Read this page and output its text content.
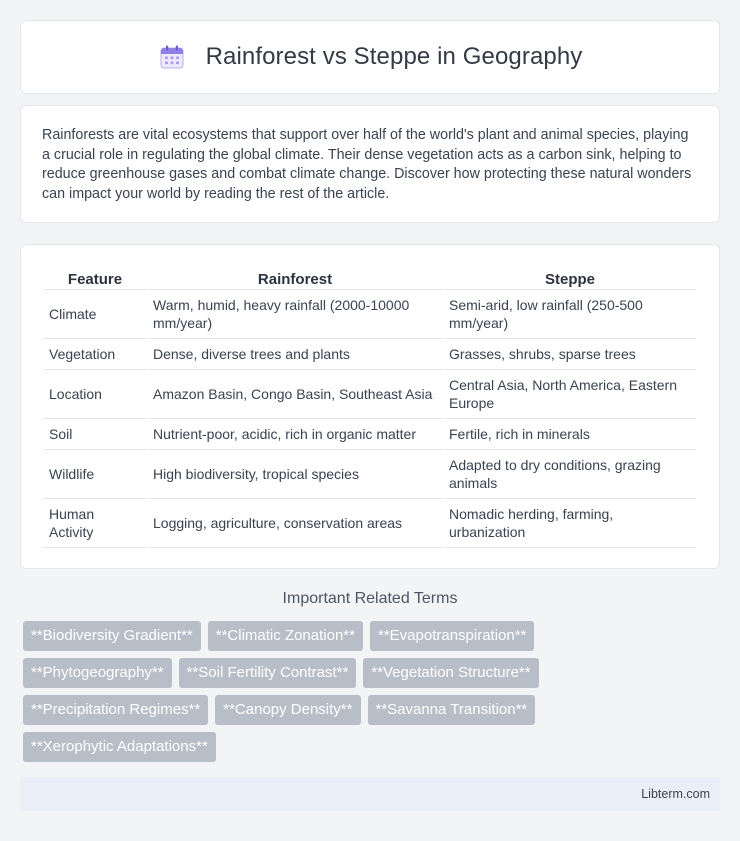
Rainforest vs Steppe in Geography

Rainforests are vital ecosystems that support over half of the world's plant and animal species, playing a crucial role in regulating the global climate. Their dense vegetation acts as a carbon sink, helping to reduce greenhouse gases and combat climate change. Discover how protecting these natural wonders can impact your world by reading the rest of the article.

Feature	Rainforest	Steppe
Climate	Warm, humid, heavy rainfall (2000-10000 mm/year)	Semi-arid, low rainfall (250-500 mm/year)
Vegetation	Dense, diverse trees and plants	Grasses, shrubs, sparse trees
Location	Amazon Basin, Congo Basin, Southeast Asia	Central Asia, North America, Eastern Europe
Soil	Nutrient-poor, acidic, rich in organic matter	Fertile, rich in minerals
Wildlife	High biodiversity, tropical species	Adapted to dry conditions, grazing animals
Human Activity	Logging, agriculture, conservation areas	Nomadic herding, farming, urbanization
Important Related Terms
**Biodiversity Gradient**	**Climatic Zonation**	**Evapotranspiration**
**Phytogeography**	**Soil Fertility Contrast**	**Vegetation Structure**
**Precipitation Regimes**	**Canopy Density**	**Savanna Transition**
**Xerophytic Adaptations**
Libterm.com
